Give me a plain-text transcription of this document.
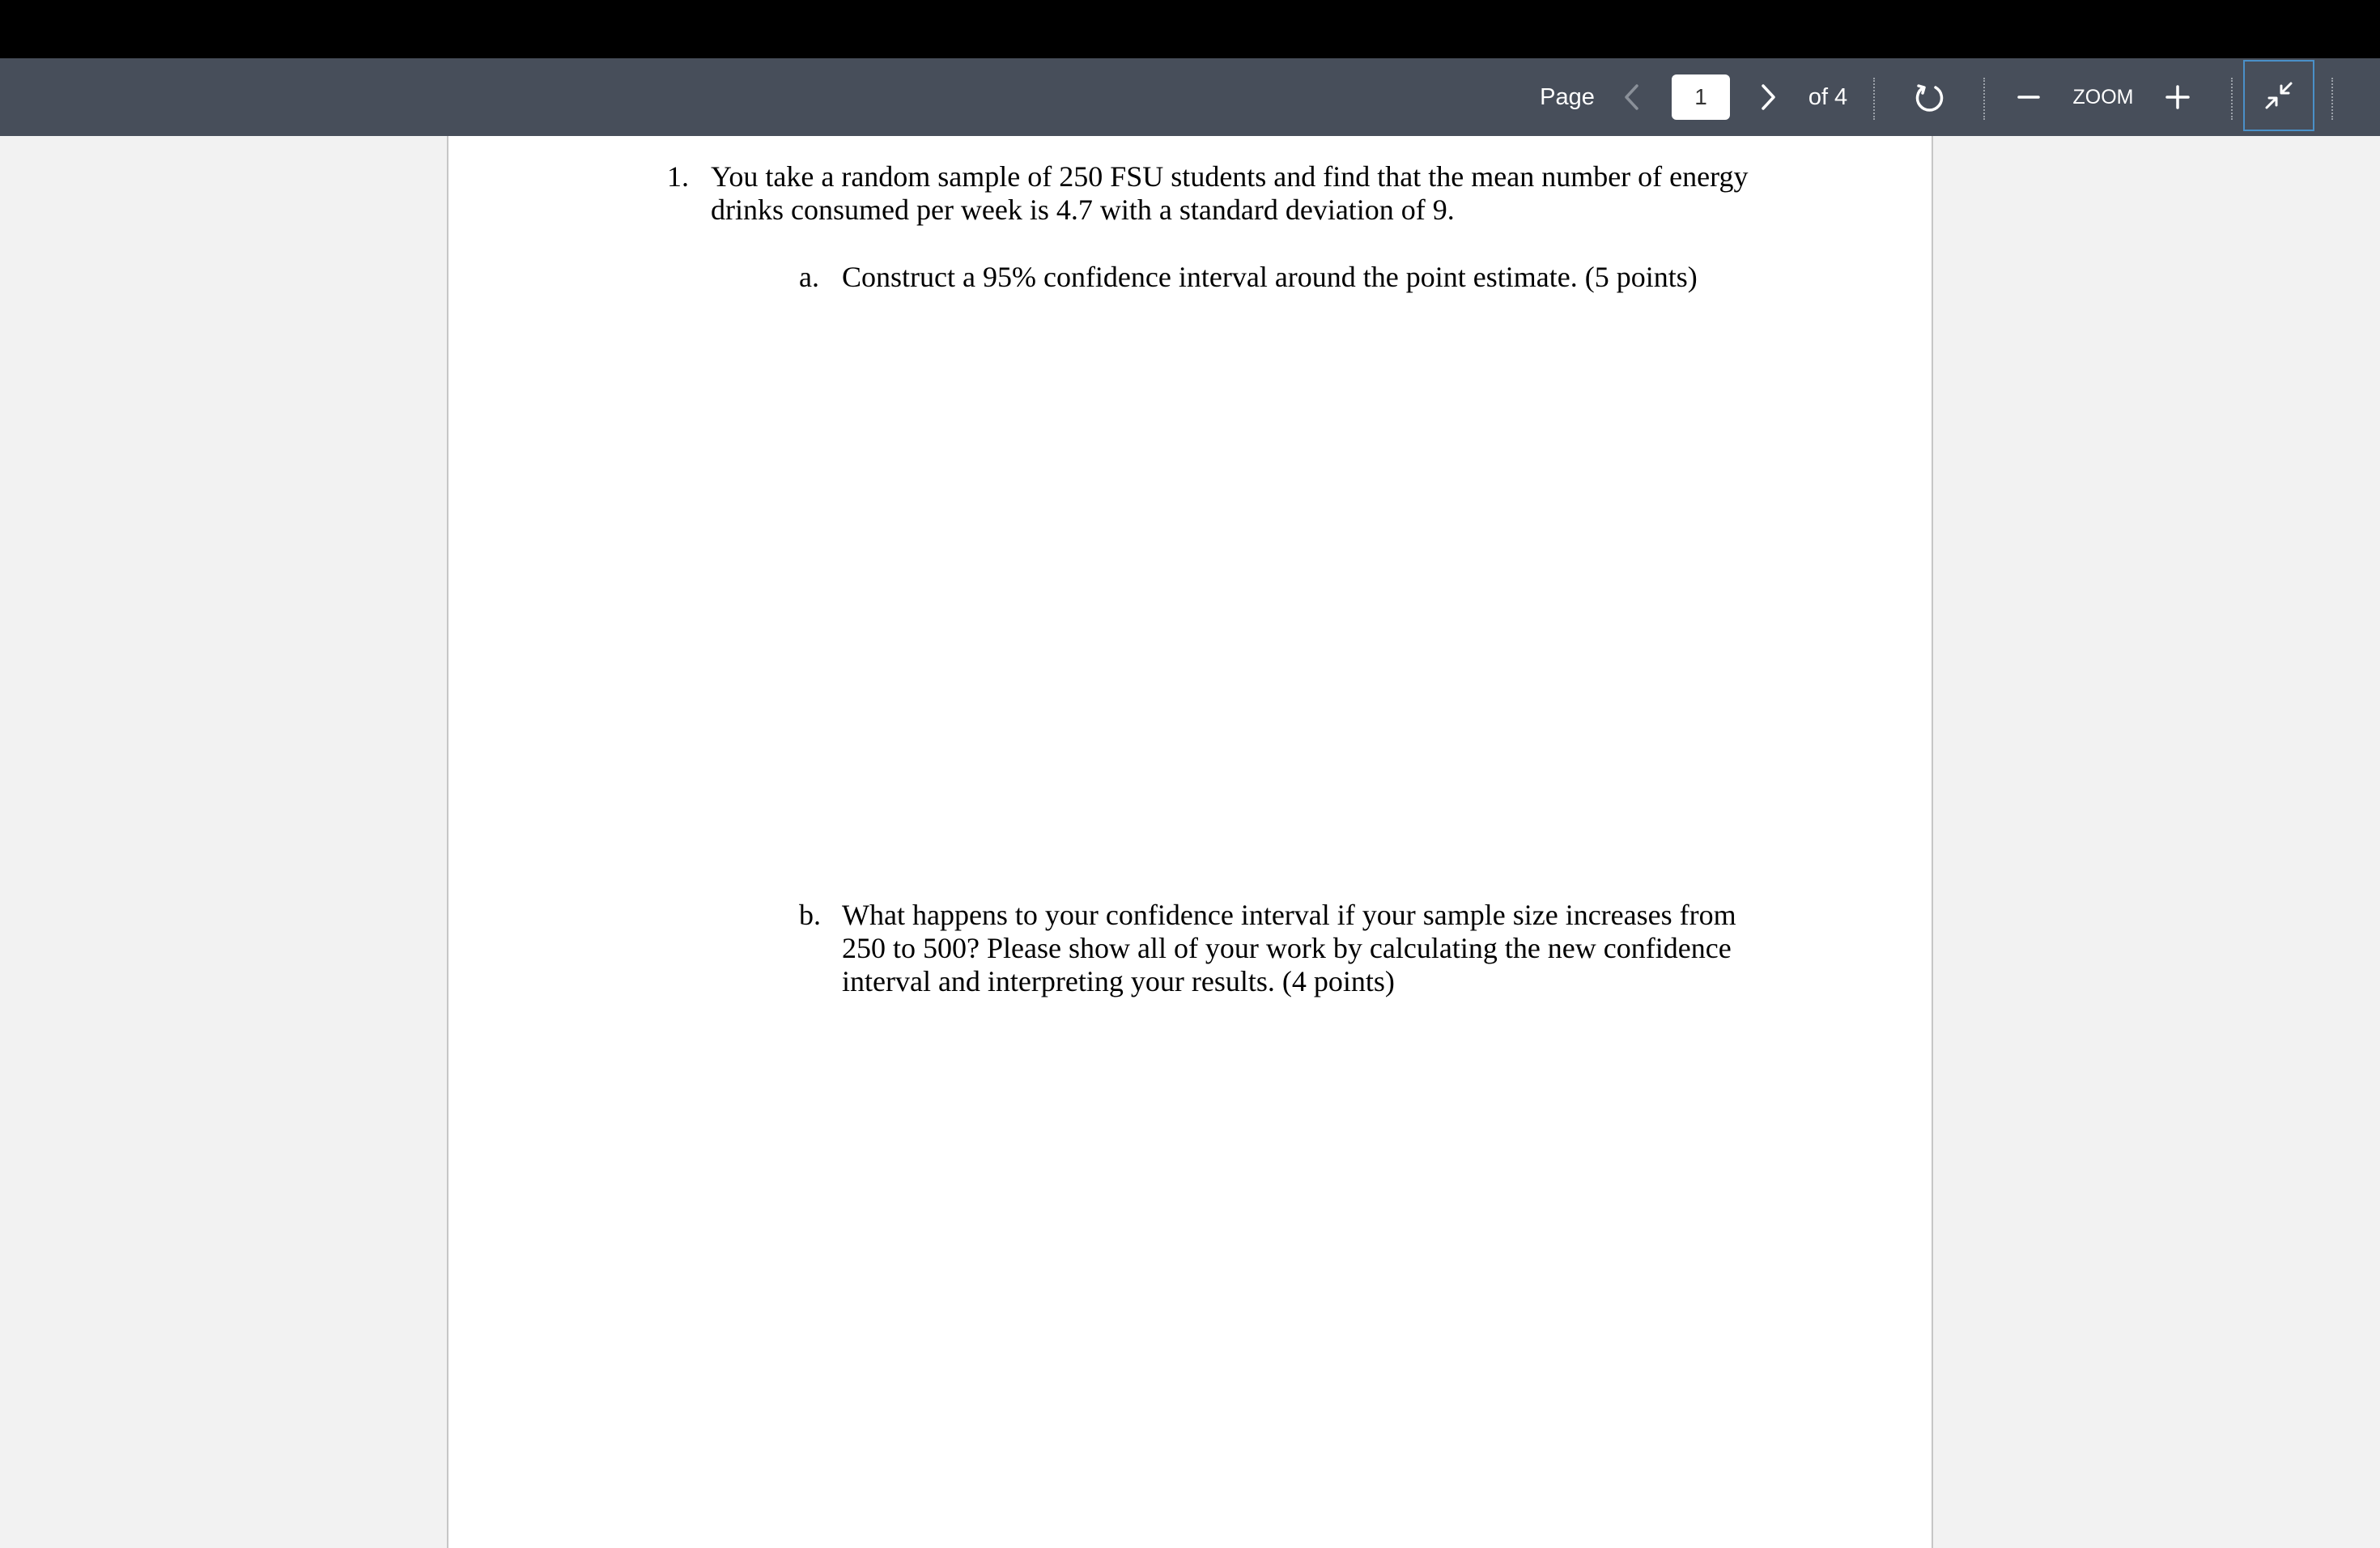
Page
1	of 4	ZOOM
1. You take a random sample of 250 FSU students and find that the mean number of energy drinks consumed per week is 4.7 with a standard deviation of 9.
a. Construct a 95% confidence interval around the point estimate. (5 points)
b. What happens to your confidence interval if your sample size increases from 250 to 500? Please show all of your work by calculating the new confidence interval and interpreting your results. (4 points)
